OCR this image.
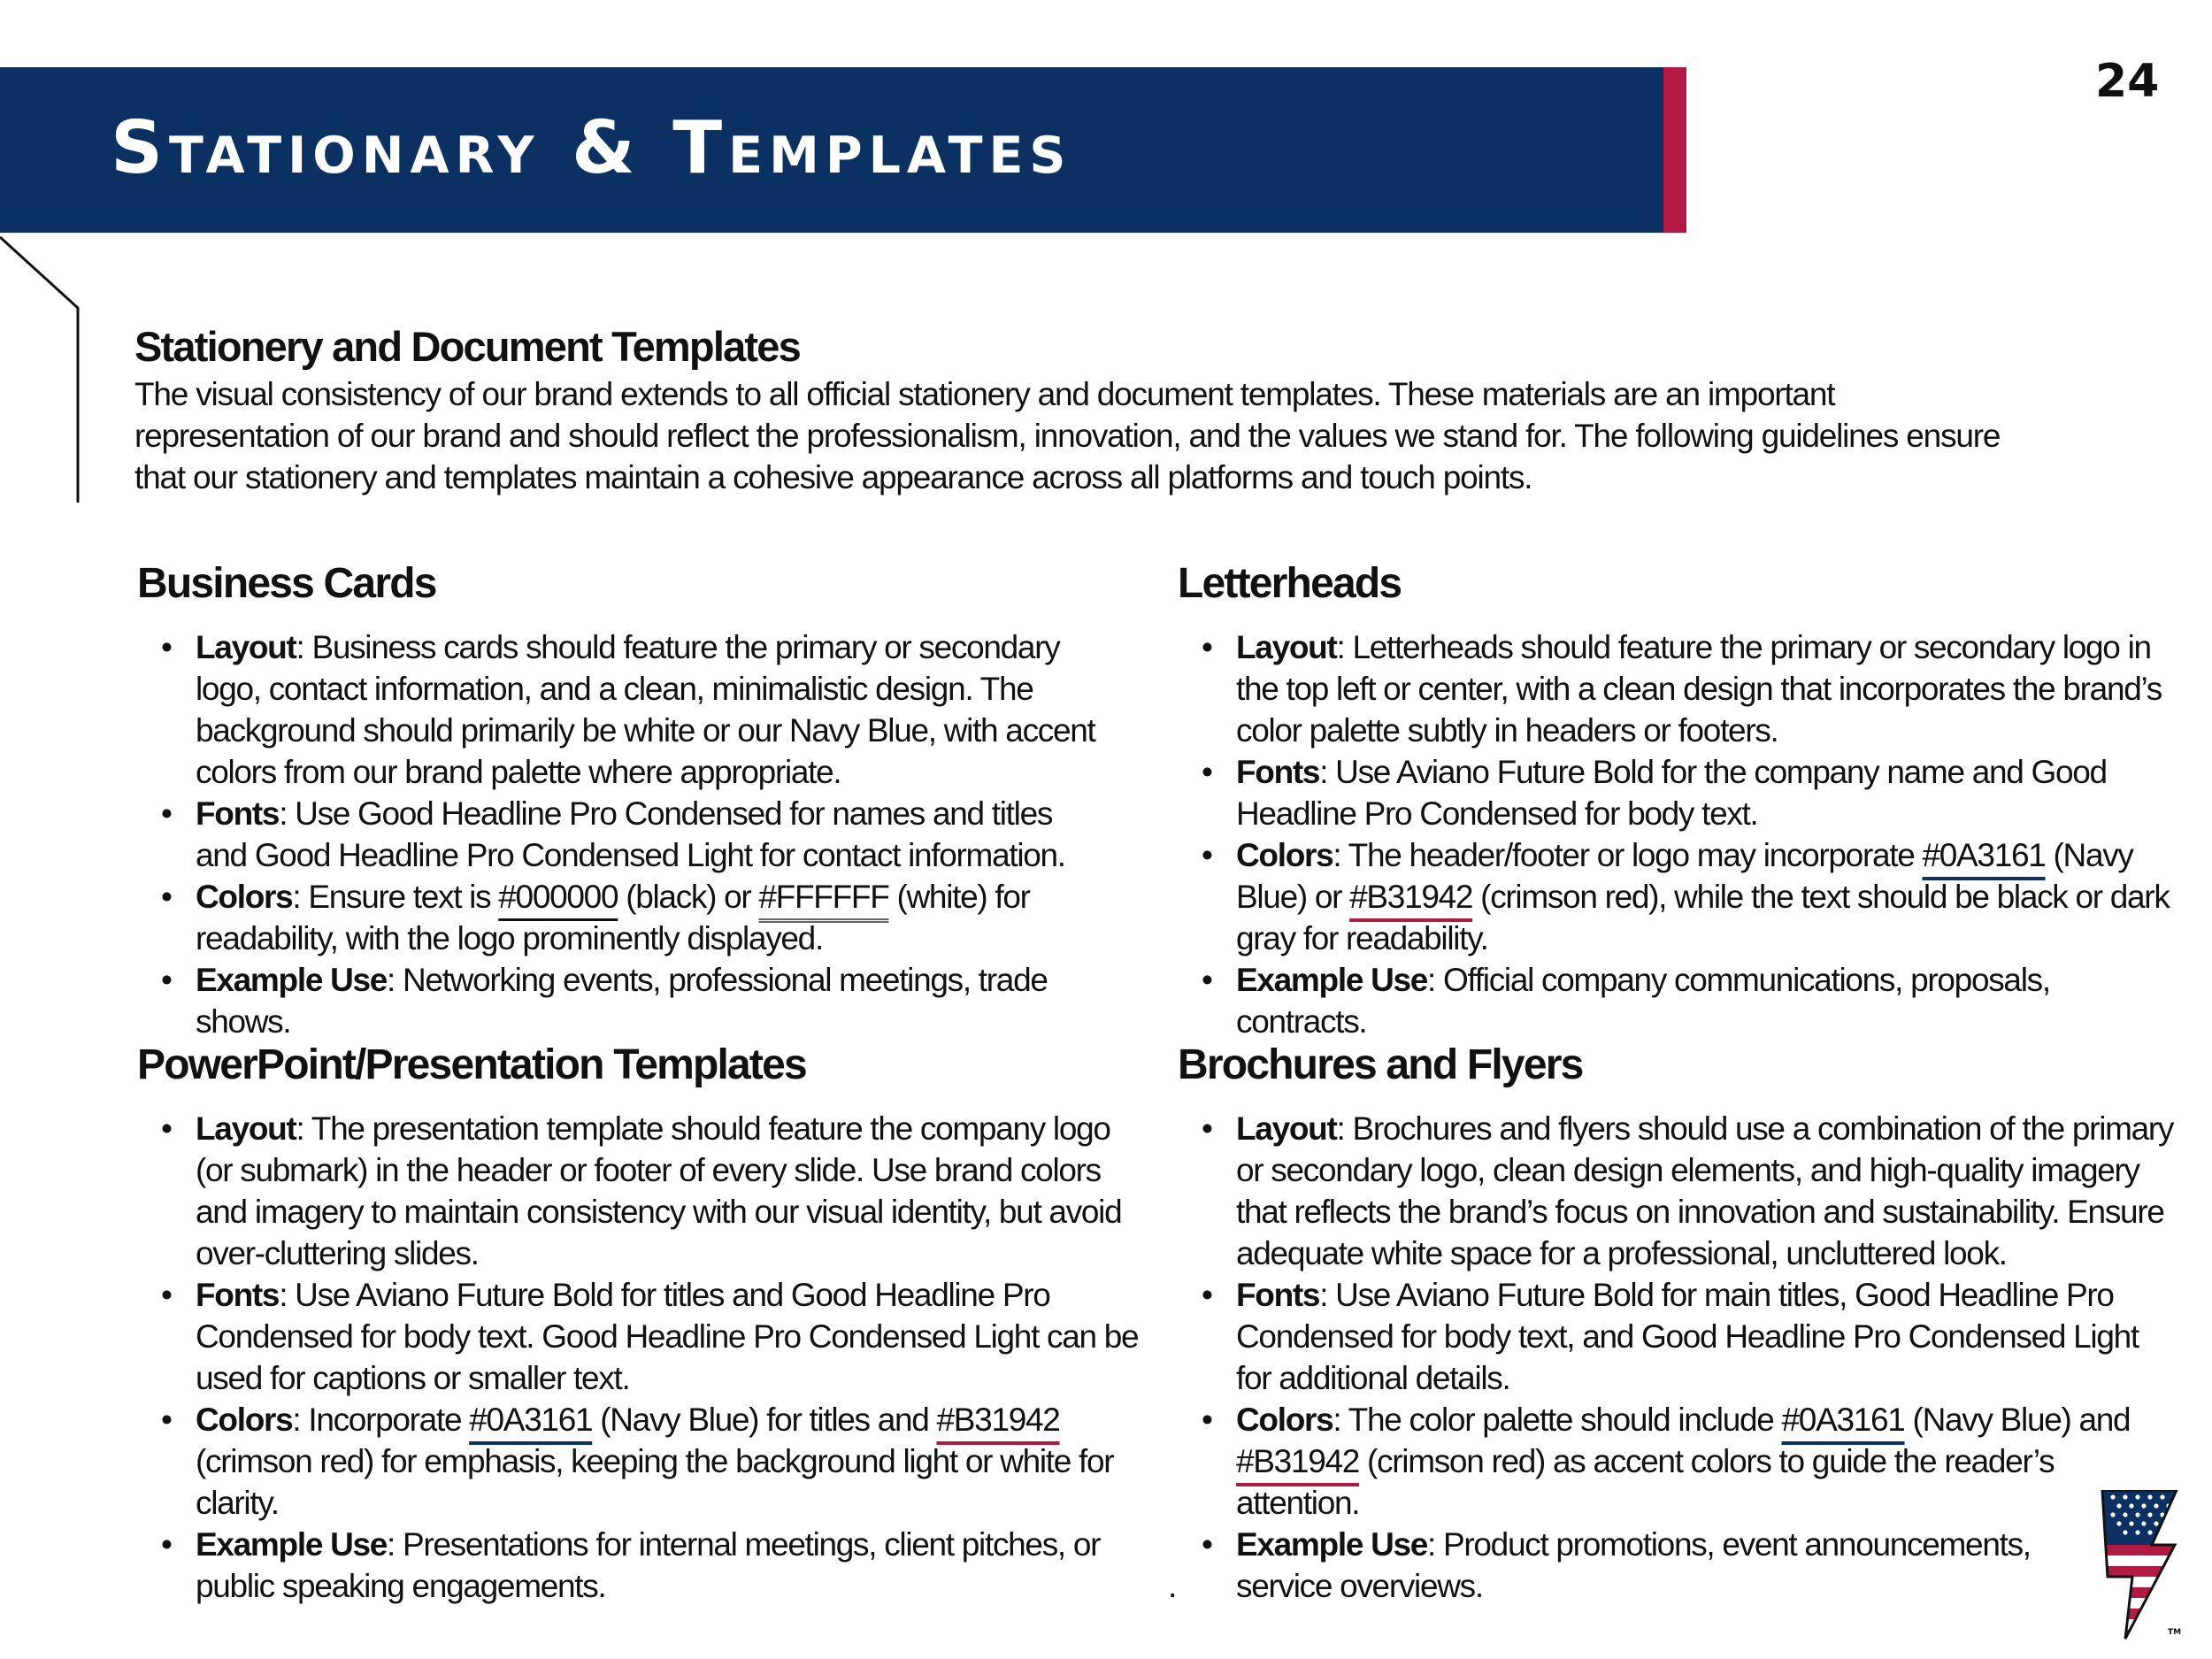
Stationary & Templates
24
Stationery and Document Templates

The visual consistency of our brand extends to all official stationery and document templates. These materials are an important representation of our brand and should reflect the professionalism, innovation, and the values we stand for. The following guidelines ensure that our stationery and templates maintain a cohesive appearance across all platforms and touch points.

Business Cards
• Layout: Business cards should feature the primary or secondary logo, contact information, and a clean, minimalistic design. The background should primarily be white or our Navy Blue, with accent colors from our brand palette where appropriate.
• Fonts: Use Good Headline Pro Condensed for names and titles and Good Headline Pro Condensed Light for contact information.
• Colors: Ensure text is #000000 (black) or #FFFFFF (white) for readability, with the logo prominently displayed.
• Example Use: Networking events, professional meetings, trade shows.
Letterheads
• Layout: Letterheads should feature the primary or secondary logo in the top left or center, with a clean design that incorporates the brand’s color palette subtly in headers or footers.
• Fonts: Use Aviano Future Bold for the company name and Good Headline Pro Condensed for body text.
• Colors: The header/footer or logo may incorporate #0A3161 (Navy Blue) or #B31942 (crimson red), while the text should be black or dark gray for readability.
• Example Use: Official company communications, proposals, contracts.
PowerPoint/Presentation Templates
• Layout: The presentation template should feature the company logo (or submark) in the header or footer of every slide. Use brand colors and imagery to maintain consistency with our visual identity, but avoid over-cluttering slides.
• Fonts: Use Aviano Future Bold for titles and Good Headline Pro Condensed for body text. Good Headline Pro Condensed Light can be used for captions or smaller text.
• Colors: Incorporate #0A3161 (Navy Blue) for titles and #B31942 (crimson red) for emphasis, keeping the background light or white for clarity.
• Example Use: Presentations for internal meetings, client pitches, or public speaking engagements.
Brochures and Flyers
• Layout: Brochures and flyers should use a combination of the primary or secondary logo, clean design elements, and high-quality imagery that reflects the brand’s focus on innovation and sustainability. Ensure adequate white space for a professional, uncluttered look.
• Fonts: Use Aviano Future Bold for main titles, Good Headline Pro Condensed for body text, and Good Headline Pro Condensed Light for additional details.
• Colors: The color palette should include #0A3161 (Navy Blue) and #B31942 (crimson red) as accent colors to guide the reader’s attention.
• Example Use: Product promotions, event announcements,
. service overviews.
TM
